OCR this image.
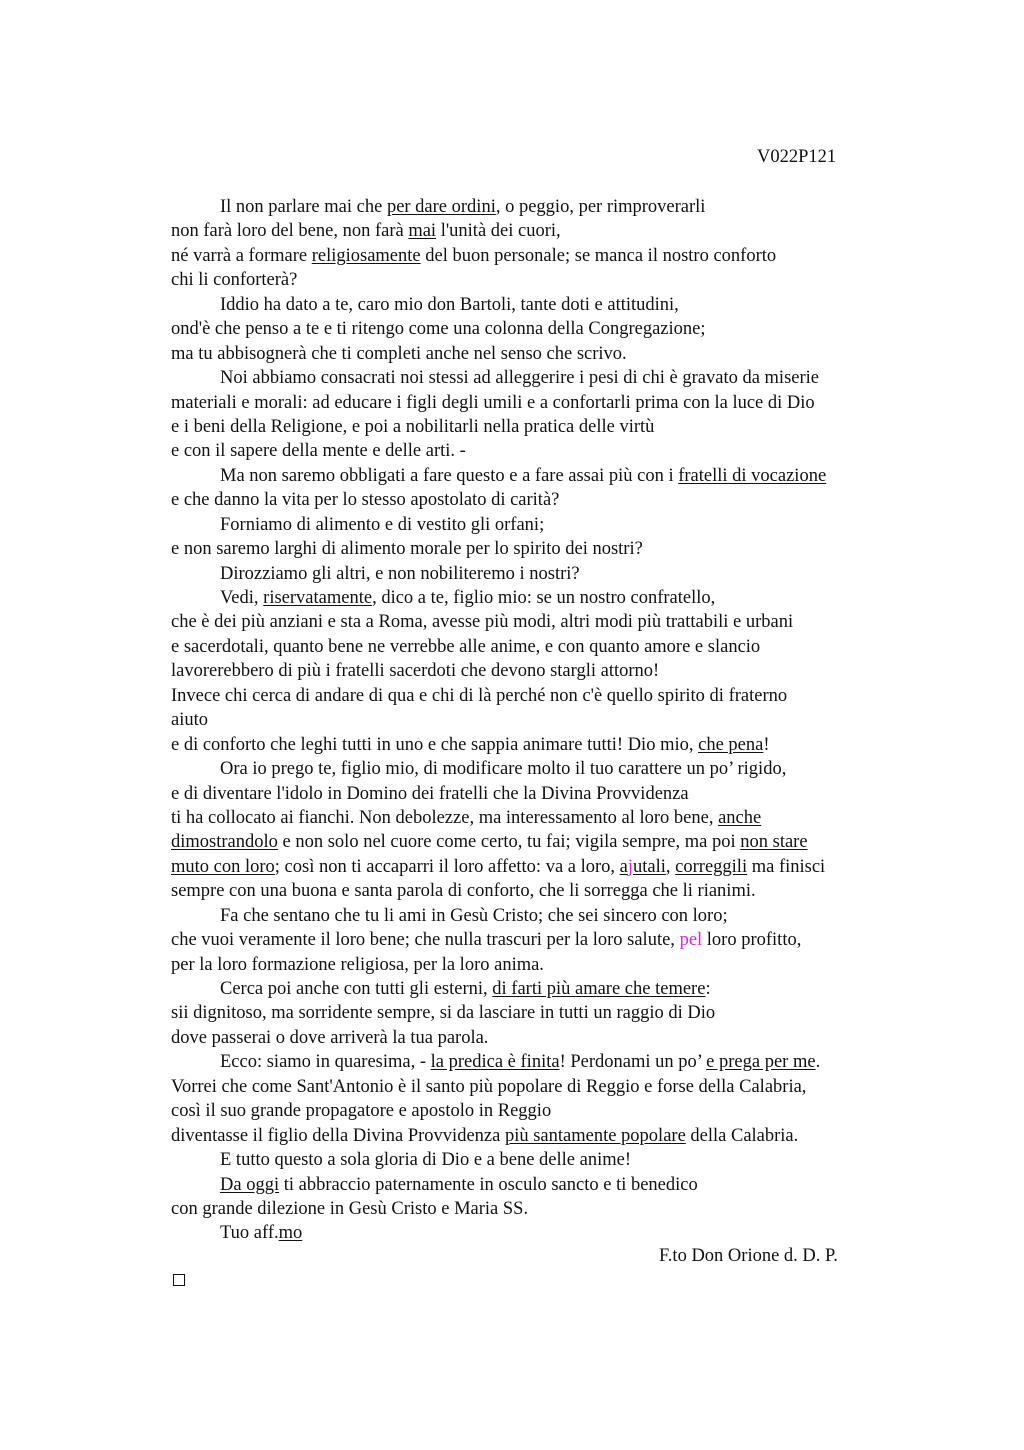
V022P121
Il non parlare mai che per dare ordini, o peggio, per rimproverarli
non farà loro del bene, non farà mai l'unità dei cuori,
né varrà a formare religiosamente del buon personale; se manca il nostro conforto
chi li conforterà?
Iddio ha dato a te, caro mio don Bartoli, tante doti e attitudini,
ond'è che penso a te e ti ritengo come una colonna della Congregazione;
ma tu abbisognerà che ti completi anche nel senso che scrivo.
Noi abbiamo consacrati noi stessi ad alleggerire i pesi di chi è gravato da miserie
materiali e morali: ad educare i figli degli umili e a confortarli prima con la luce di Dio
e i beni della Religione, e poi a nobilitarli nella pratica delle virtù
e con il sapere della mente e delle arti. -
Ma non saremo obbligati a fare questo e a fare assai più con i fratelli di vocazione
e che danno la vita per lo stesso apostolato di carità?
Forniamo di alimento e di vestito gli orfani;
e non saremo larghi di alimento morale per lo spirito dei nostri?
Dirozziamo gli altri, e non nobiliteremo i nostri?
Vedi, riservatamente, dico a te, figlio mio: se un nostro confratello,
che è dei più anziani e sta a Roma, avesse più modi, altri modi più trattabili e urbani
e sacerdotali, quanto bene ne verrebbe alle anime, e con quanto amore e slancio
lavorerebbero di più i fratelli sacerdoti che devono stargli attorno!
Invece chi cerca di andare di qua e chi di là perché non c'è quello spirito di fraterno
aiuto
e di conforto che leghi tutti in uno e che sappia animare tutti! Dio mio, che pena!
Ora io prego te, figlio mio, di modificare molto il tuo carattere un po’ rigido,
e di diventare l'idolo in Domino dei fratelli che la Divina Provvidenza
ti ha collocato ai fianchi. Non debolezze, ma interessamento al loro bene, anche
dimostrandolo e non solo nel cuore come certo, tu fai; vigila sempre, ma poi non stare
muto con loro; così non ti accaparri il loro affetto: va a loro, ajutali, correggili ma finisci
sempre con una buona e santa parola di conforto, che li sorregga che li rianimi.
Fa che sentano che tu li ami in Gesù Cristo; che sei sincero con loro;
che vuoi veramente il loro bene; che nulla trascuri per la loro salute, pel loro profitto,
per la loro formazione religiosa, per la loro anima.
Cerca poi anche con tutti gli esterni, di farti più amare che temere:
sii dignitoso, ma sorridente sempre, si da lasciare in tutti un raggio di Dio
dove passerai o dove arriverà la tua parola.
Ecco: siamo in quaresima, - la predica è finita! Perdonami un po’ e prega per me.
Vorrei che come Sant'Antonio è il santo più popolare di Reggio e forse della Calabria,
così il suo grande propagatore e apostolo in Reggio
diventasse il figlio della Divina Provvidenza più santamente popolare della Calabria.
E tutto questo a sola gloria di Dio e a bene delle anime!
Da oggi ti abbraccio paternamente in osculo sancto e ti benedico
con grande dilezione in Gesù Cristo e Maria SS.
Tuo aff.mo
F.to Don Orione d. D. P.
